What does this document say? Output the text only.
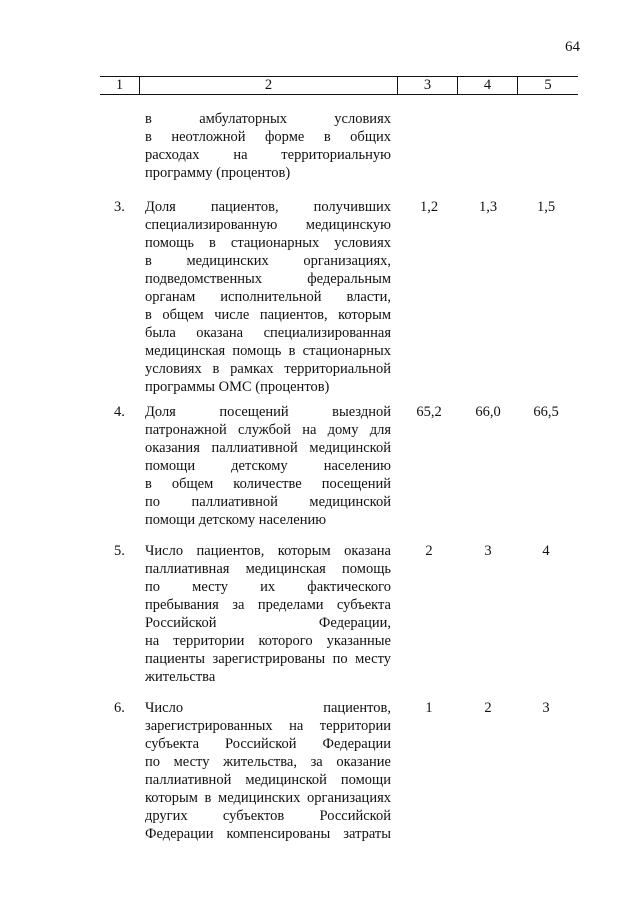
64
1	2	3	4	5
в амбулаторных условиях
в неотложной форме в общих
расходах на территориальную
программу (процентов)
3.	Доля пациентов, получивших
специализированную медицинскую
помощь в стационарных условиях
в медицинских организациях,
подведомственных федеральным
органам исполнительной власти,
в общем числе пациентов, которым
была оказана специализированная
медицинская помощь в стационарных
условиях в рамках территориальной
программы ОМС (процентов)
1,2	1,3	1,5
4.	Доля посещений выездной
патронажной службой на дому для
оказания паллиативной медицинской
помощи детскому населению
в общем количестве посещений
по паллиативной медицинской
помощи детскому населению
65,2	66,0	66,5
5.	Число пациентов, которым оказана
паллиативная медицинская помощь
по месту их фактического
пребывания за пределами субъекта
Российской Федерации,
на территории которого указанные
пациенты зарегистрированы по месту
жительства
2	3	4
6.	Число пациентов,
зарегистрированных на территории
субъекта Российской Федерации
по месту жительства, за оказание
паллиативной медицинской помощи
которым в медицинских организациях
других субъектов Российской
Федерации компенсированы затраты
1	2	3
